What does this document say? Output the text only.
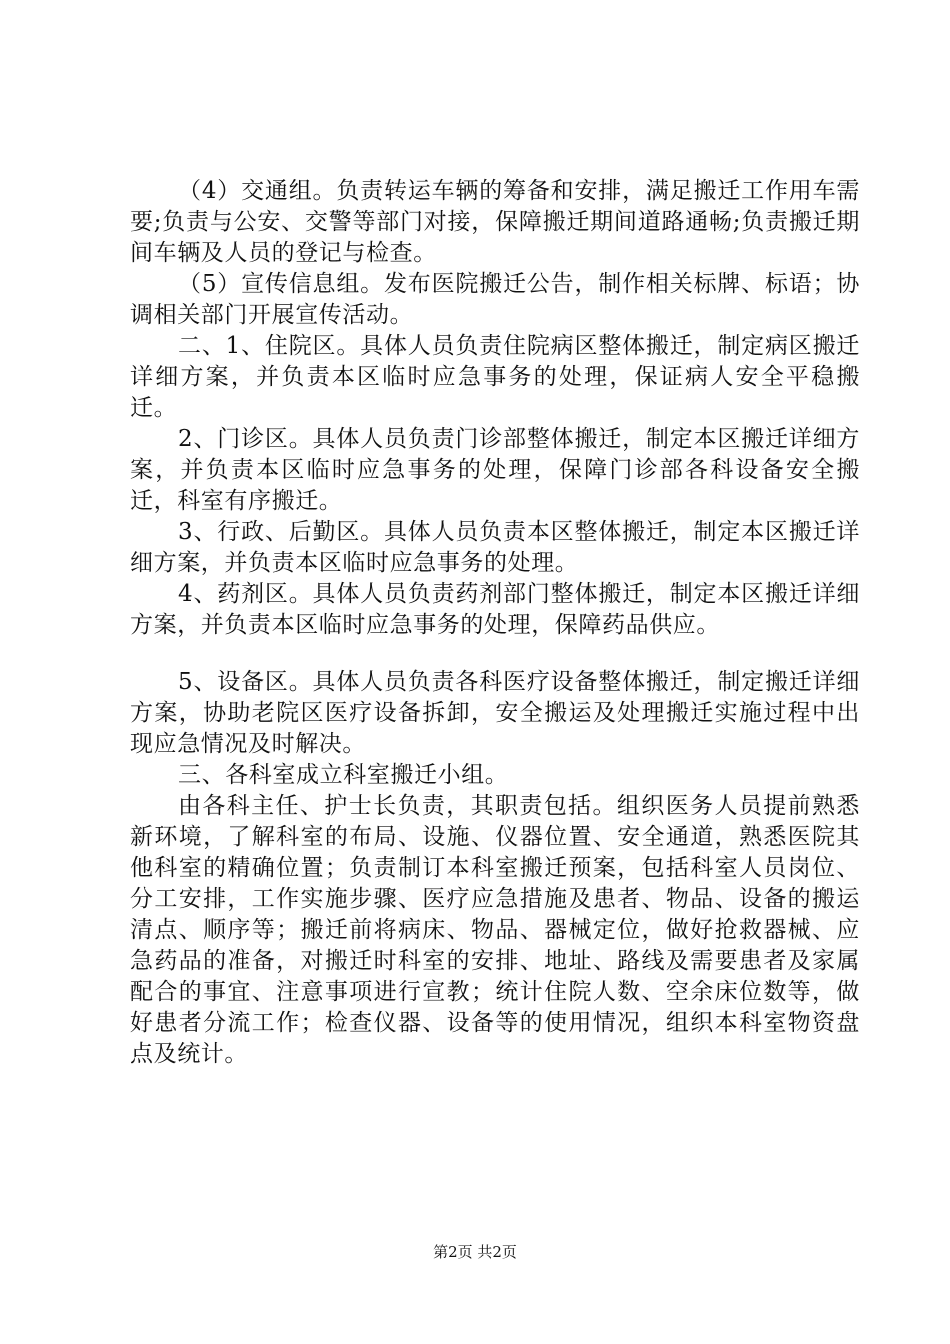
（4）交通组。负责转运车辆的筹备和安排，满足搬迁工作用车需要;负责与公安、交警等部门对接，保障搬迁期间道路通畅;负责搬迁期间车辆及人员的登记与检查。

（5）宣传信息组。发布医院搬迁公告，制作相关标牌、标语；协调相关部门开展宣传活动。

二、1、住院区。具体人员负责住院病区整体搬迁，制定病区搬迁详细方案，并负责本区临时应急事务的处理，保证病人安全平稳搬迁。

2、门诊区。具体人员负责门诊部整体搬迁，制定本区搬迁详细方案，并负责本区临时应急事务的处理，保障门诊部各科设备安全搬迁，科室有序搬迁。

3、行政、后勤区。具体人员负责本区整体搬迁，制定本区搬迁详细方案，并负责本区临时应急事务的处理。

4、药剂区。具体人员负责药剂部门整体搬迁，制定本区搬迁详细方案，并负责本区临时应急事务的处理，保障药品供应。

5、设备区。具体人员负责各科医疗设备整体搬迁，制定搬迁详细方案，协助老院区医疗设备拆卸，安全搬运及处理搬迁实施过程中出现应急情况及时解决。

三、各科室成立科室搬迁小组。

由各科主任、护士长负责，其职责包括。组织医务人员提前熟悉新环境，了解科室的布局、设施、仪器位置、安全通道，熟悉医院其他科室的精确位置；负责制订本科室搬迁预案，包括科室人员岗位、分工安排，工作实施步骤、医疗应急措施及患者、物品、设备的搬运清点、顺序等；搬迁前将病床、物品、器械定位，做好抢救器械、应急药品的准备，对搬迁时科室的安排、地址、路线及需要患者及家属配合的事宜、注意事项进行宣教；统计住院人数、空余床位数等，做好患者分流工作；检查仪器、设备等的使用情况，组织本科室物资盘点及统计。

第2页 共2页
